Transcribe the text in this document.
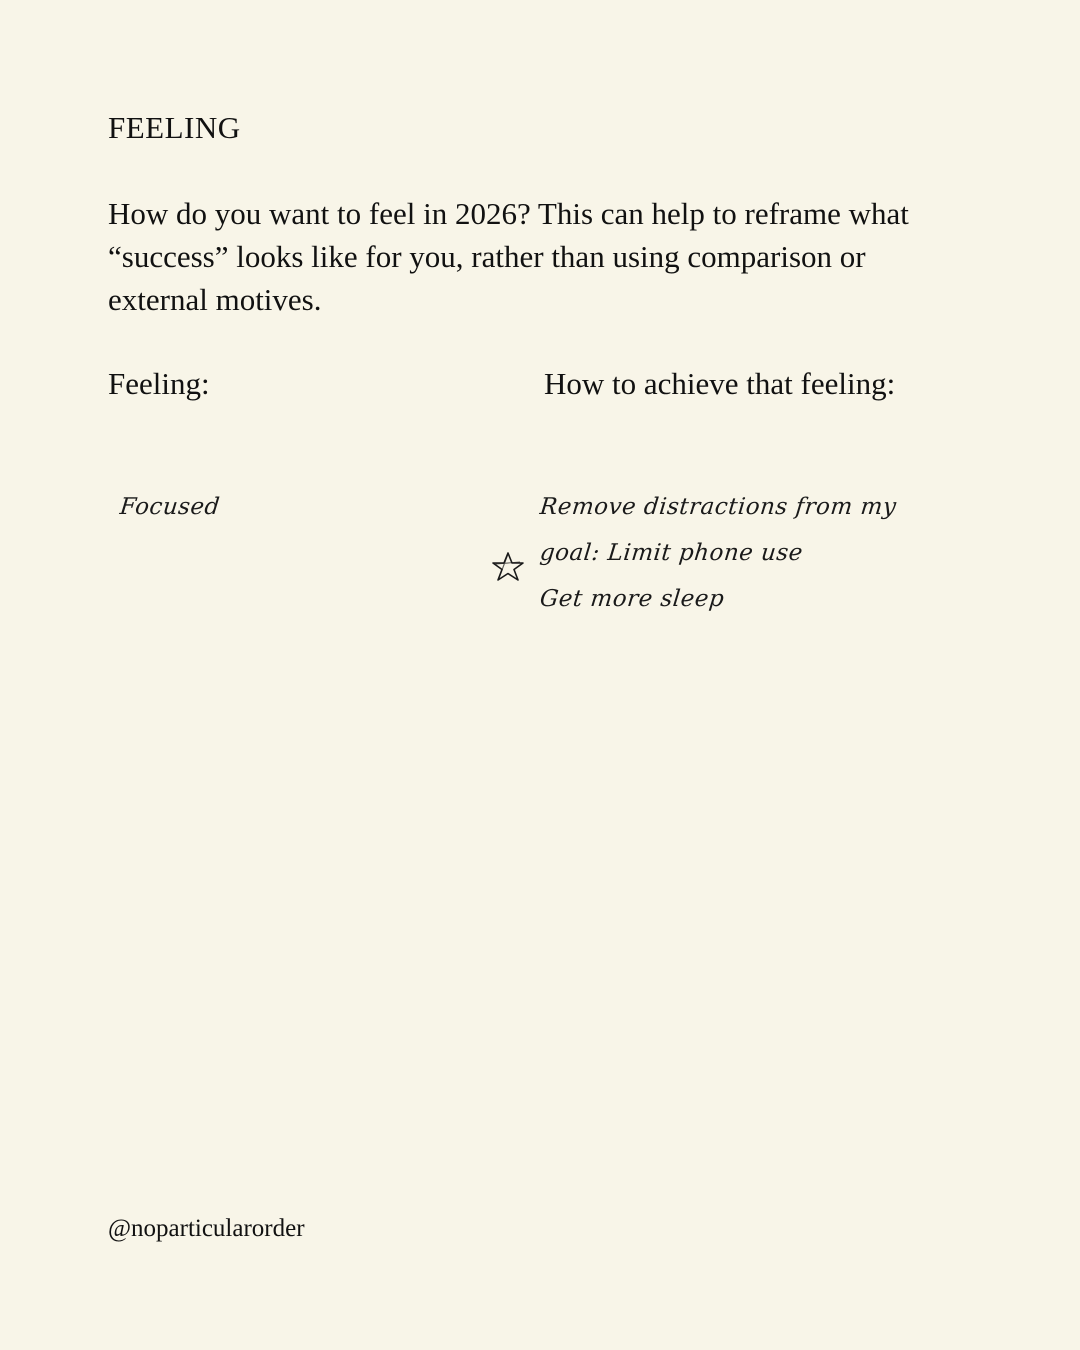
FEELING

How do you want to feel in 2026? This can help to reframe what “success” looks like for you, rather than using comparison or external motives.

Feeling:	How to achieve that feeling:
Focused	Remove distractions from my
goal: Limit phone use
Get more sleep
@noparticularorder
